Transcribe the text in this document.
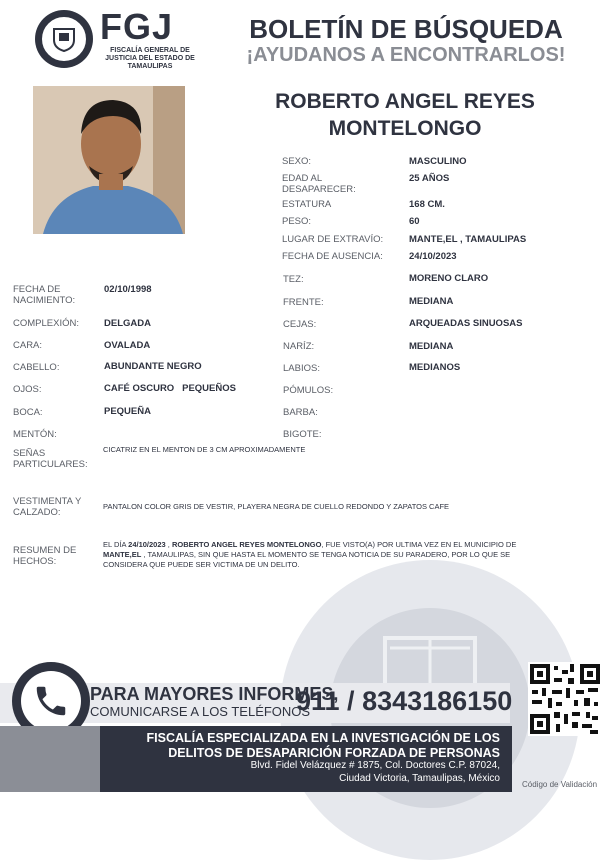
FGJ
FISCALÍA GENERAL DE JUSTICIA DEL ESTADO DE TAMAULIPAS
BOLETÍN DE BÚSQUEDA
¡AYUDANOS A ENCONTRARLOS!
ROBERTO ANGEL REYES MONTELONGO
SEXO:	MASCULINO
EDAD AL DESAPARECER:
25 AÑOS
ESTATURA	168 CM.
PESO:	60
LUGAR DE EXTRAVÍO:	MANTE,EL , TAMAULIPAS
FECHA DE AUSENCIA:	24/10/2023
TEZ:	MORENO CLARO
FRENTE:	MEDIANA
CEJAS:	ARQUEADAS SINUOSAS
NARÍZ:	MEDIANA
LABIOS:	MEDIANOS
PÓMULOS:
BARBA:
BIGOTE:
FECHA DE NACIMIENTO:
02/10/1998
COMPLEXIÓN:	DELGADA
CARA:	OVALADA
CABELLO:	ABUNDANTE NEGRO
OJOS:	CAFÉ OSCURO   PEQUEÑOS
BOCA:	PEQUEÑA
MENTÓN:
SEÑAS PARTICULARES:
CICATRIZ EN EL MENTON DE 3 CM APROXIMADAMENTE
VESTIMENTA Y CALZADO:
PANTALON COLOR GRIS DE VESTIR, PLAYERA NEGRA DE CUELLO REDONDO Y ZAPATOS CAFE
RESUMEN DE HECHOS:
EL DÍA 24/10/2023 , ROBERTO ANGEL REYES MONTELONGO, FUE VISTO(A) POR ULTIMA VEZ EN EL MUNICIPIO DE MANTE,EL , TAMAULIPAS, SIN QUE HASTA EL MOMENTO SE TENGA NOTICIA DE SU PARADERO, POR LO QUE SE CONSIDERA QUE PUEDE SER VICTIMA DE UN DELITO.
PARA MAYORES INFORMES,
COMUNICARSE A LOS TELÉFONOS
911 / 8343186150
FISCALÍA ESPECIALIZADA EN LA INVESTIGACIÓN DE LOS
DELITOS DE DESAPARICIÓN FORZADA DE PERSONAS
Blvd. Fidel Velázquez # 1875, Col. Doctores C.P. 87024,
Ciudad Victoria, Tamaulipas, México
Código de Validación
